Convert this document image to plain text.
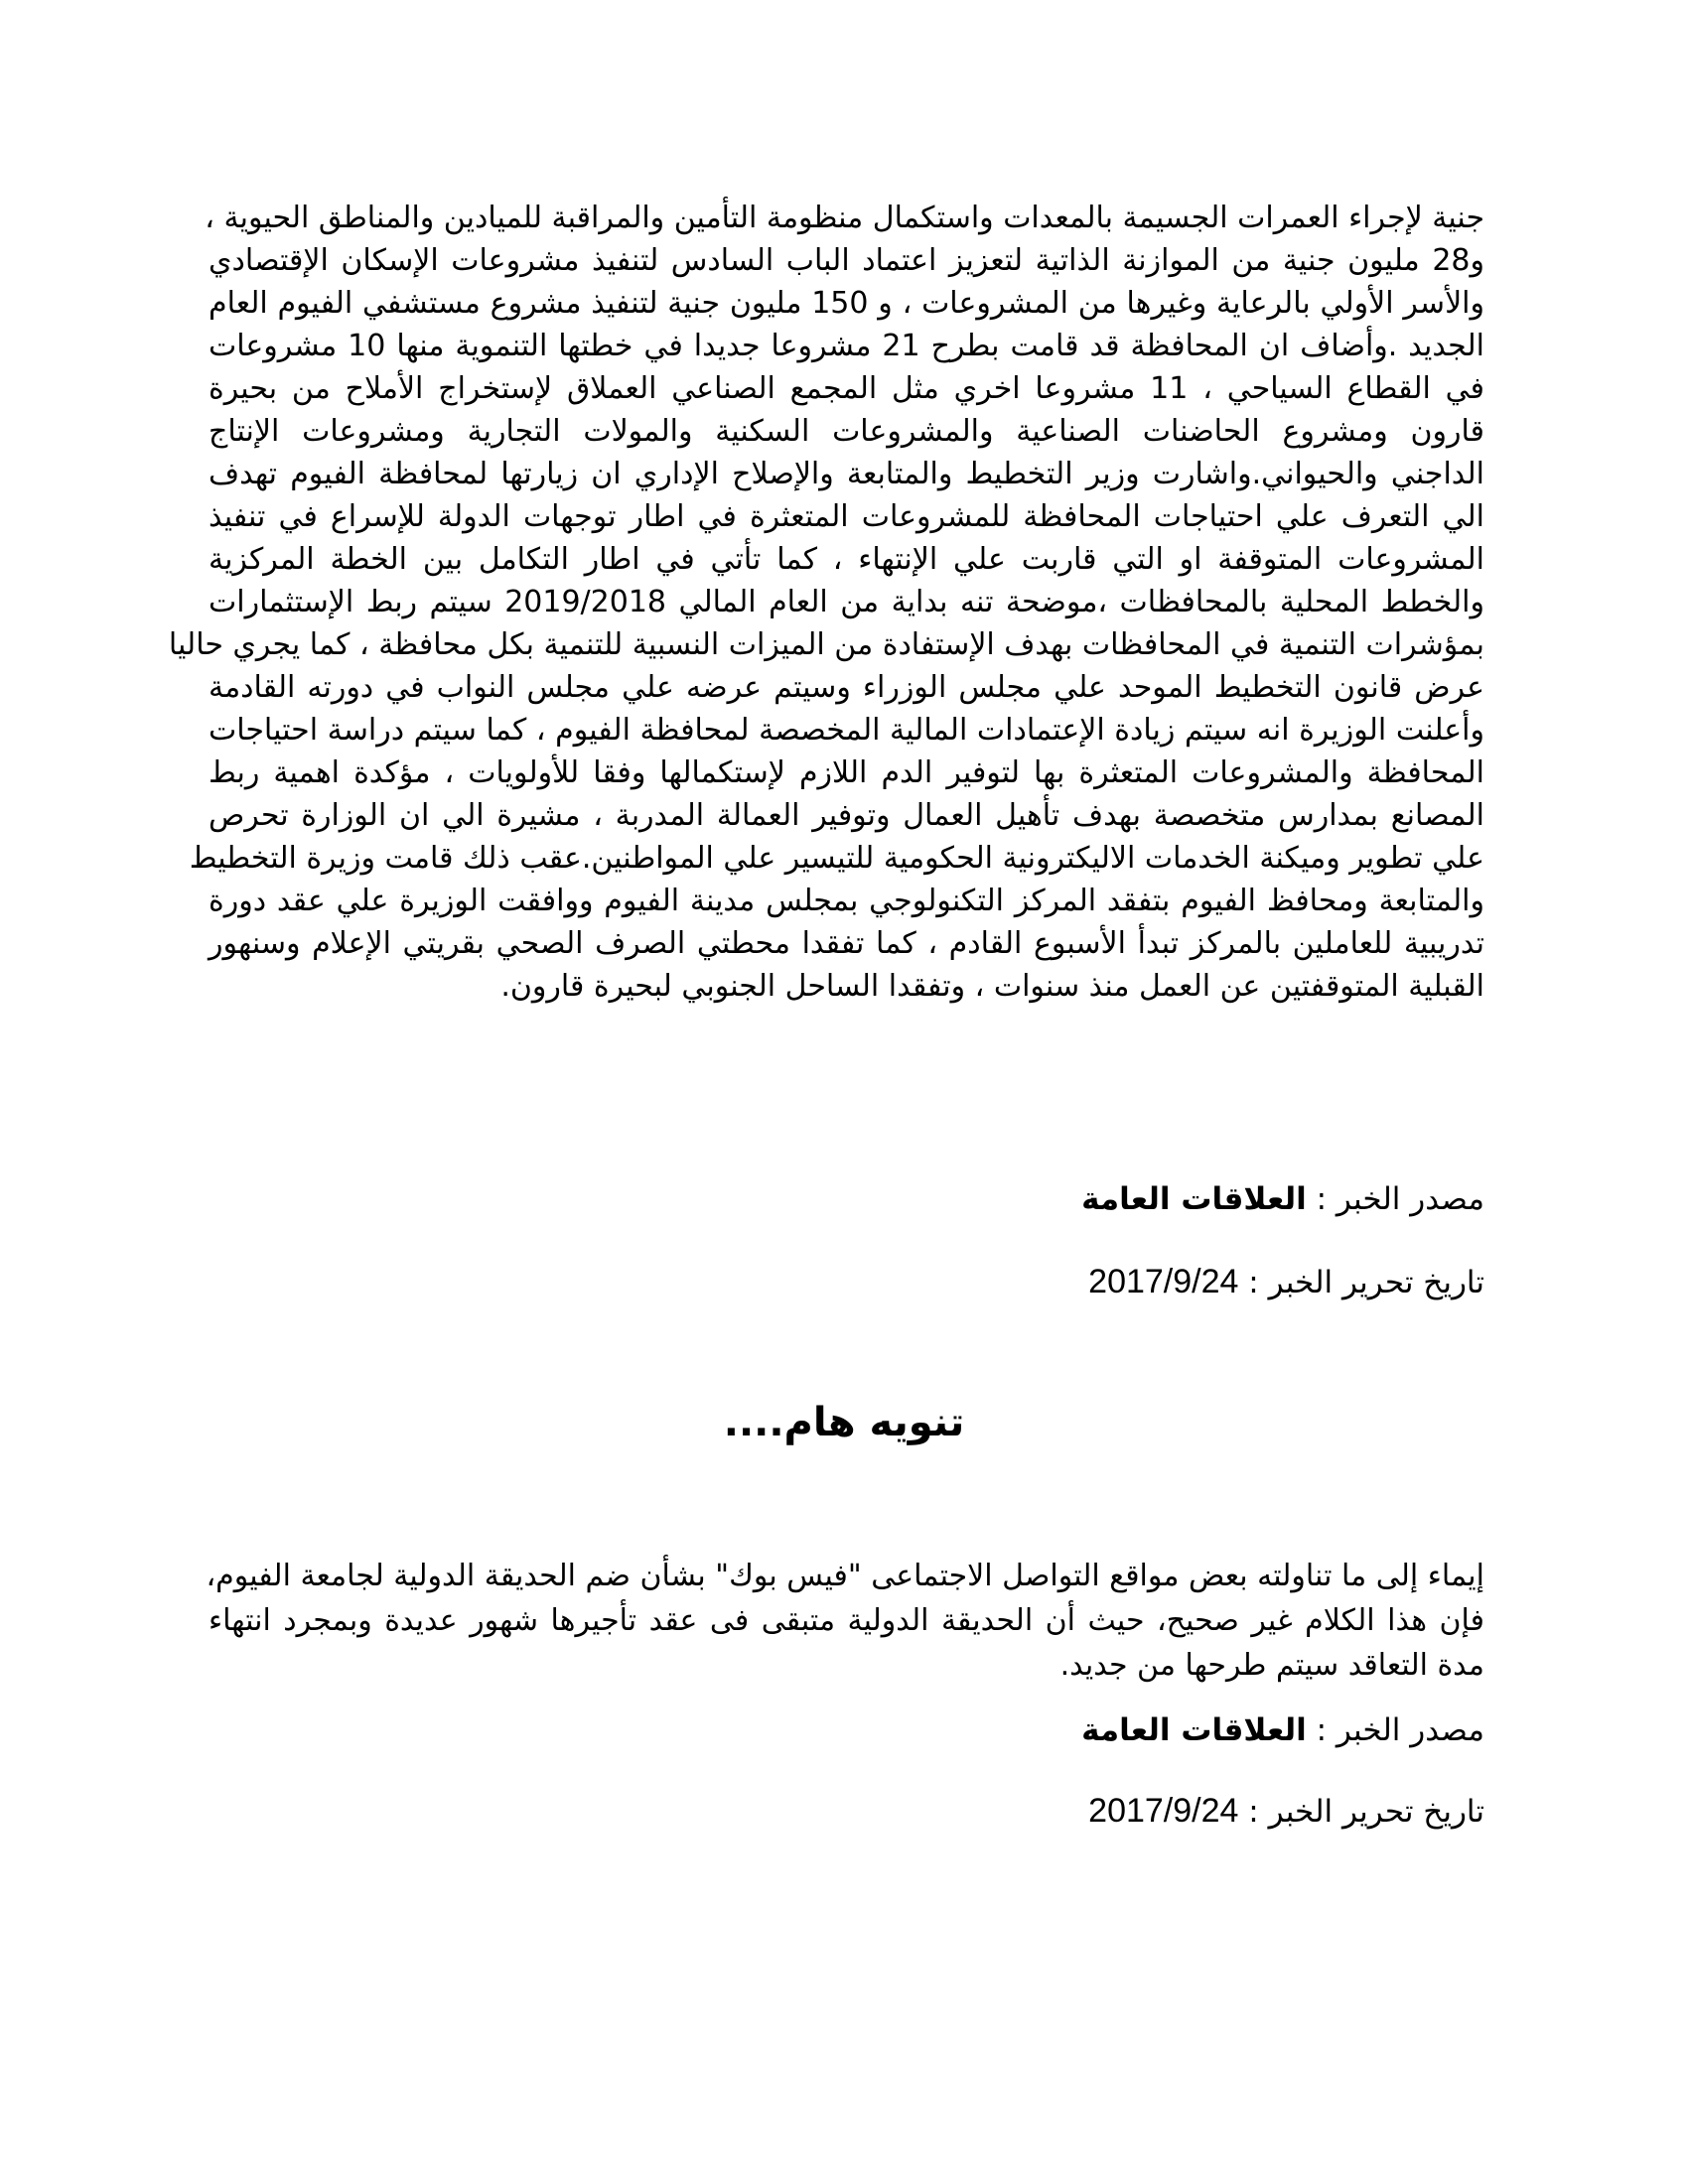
جنية لإجراء العمرات الجسيمة بالمعدات واستكمال منظومة التأمين والمراقبة للميادين والمناطق الحيوية ،
و28 مليون جنية من الموازنة الذاتية لتعزيز اعتماد الباب السادس لتنفيذ مشروعات الإسكان الإقتصادي
والأسر الأولي بالرعاية وغيرها من المشروعات ، و 150 مليون جنية لتنفيذ مشروع مستشفي الفيوم العام
الجديد .وأضاف ان المحافظة قد قامت بطرح 21 مشروعا جديدا في خطتها التنموية منها 10 مشروعات
في القطاع السياحي ، 11 مشروعا اخري مثل المجمع الصناعي العملاق لإستخراج الأملاح من بحيرة
قارون ومشروع الحاضنات الصناعية والمشروعات السكنية والمولات التجارية ومشروعات الإنتاج
الداجني والحيواني.واشارت وزير التخطيط والمتابعة والإصلاح الإداري ان زيارتها لمحافظة الفيوم تهدف
الي التعرف علي احتياجات المحافظة للمشروعات المتعثرة في اطار توجهات الدولة للإسراع في تنفيذ
المشروعات المتوقفة او التي قاربت علي الإنتهاء ، كما تأتي في اطار التكامل بين الخطة المركزية
والخطط المحلية بالمحافظات ،موضحة تنه بداية من العام المالي 2019/2018 سيتم ربط الإستثمارات
بمؤشرات التنمية في المحافظات بهدف الإستفادة من الميزات النسبية للتنمية بكل محافظة ، كما يجري حاليا
عرض قانون التخطيط الموحد علي مجلس الوزراء وسيتم عرضه علي مجلس النواب في دورته القادمة
وأعلنت الوزيرة انه سيتم زيادة الإعتمادات المالية المخصصة لمحافظة الفيوم ، كما سيتم دراسة احتياجات
المحافظة والمشروعات المتعثرة بها لتوفير الدم اللازم لإستكمالها وفقا للأولويات ، مؤكدة اهمية ربط
المصانع بمدارس متخصصة بهدف تأهيل العمال وتوفير العمالة المدربة ، مشيرة الي ان الوزارة تحرص
علي تطوير وميكنة الخدمات الاليكترونية الحكومية للتيسير علي المواطنين.عقب ذلك قامت وزيرة التخطيط
والمتابعة ومحافظ الفيوم بتفقد المركز التكنولوجي بمجلس مدينة الفيوم ووافقت الوزيرة علي عقد دورة
تدريبية للعاملين بالمركز تبدأ الأسبوع القادم ، كما تفقدا محطتي الصرف الصحي بقريتي الإعلام وسنهور
القبلية المتوقفتين عن العمل منذ سنوات ، وتفقدا الساحل الجنوبي لبحيرة قارون.
مصدر الخبر : العلاقات العامة
تاريخ تحرير الخبر : 2017/9/24
تنويه هام....
إيماء إلى ما تناولته بعض مواقع التواصل الاجتماعى "فيس بوك" بشأن ضم الحديقة الدولية لجامعة الفيوم،
فإن هذا الكلام غير صحيح، حيث أن الحديقة الدولية متبقى فى عقد تأجيرها شهور عديدة وبمجرد انتهاء
مدة التعاقد سيتم طرحها من جديد.
مصدر الخبر : العلاقات العامة
تاريخ تحرير الخبر : 2017/9/24
